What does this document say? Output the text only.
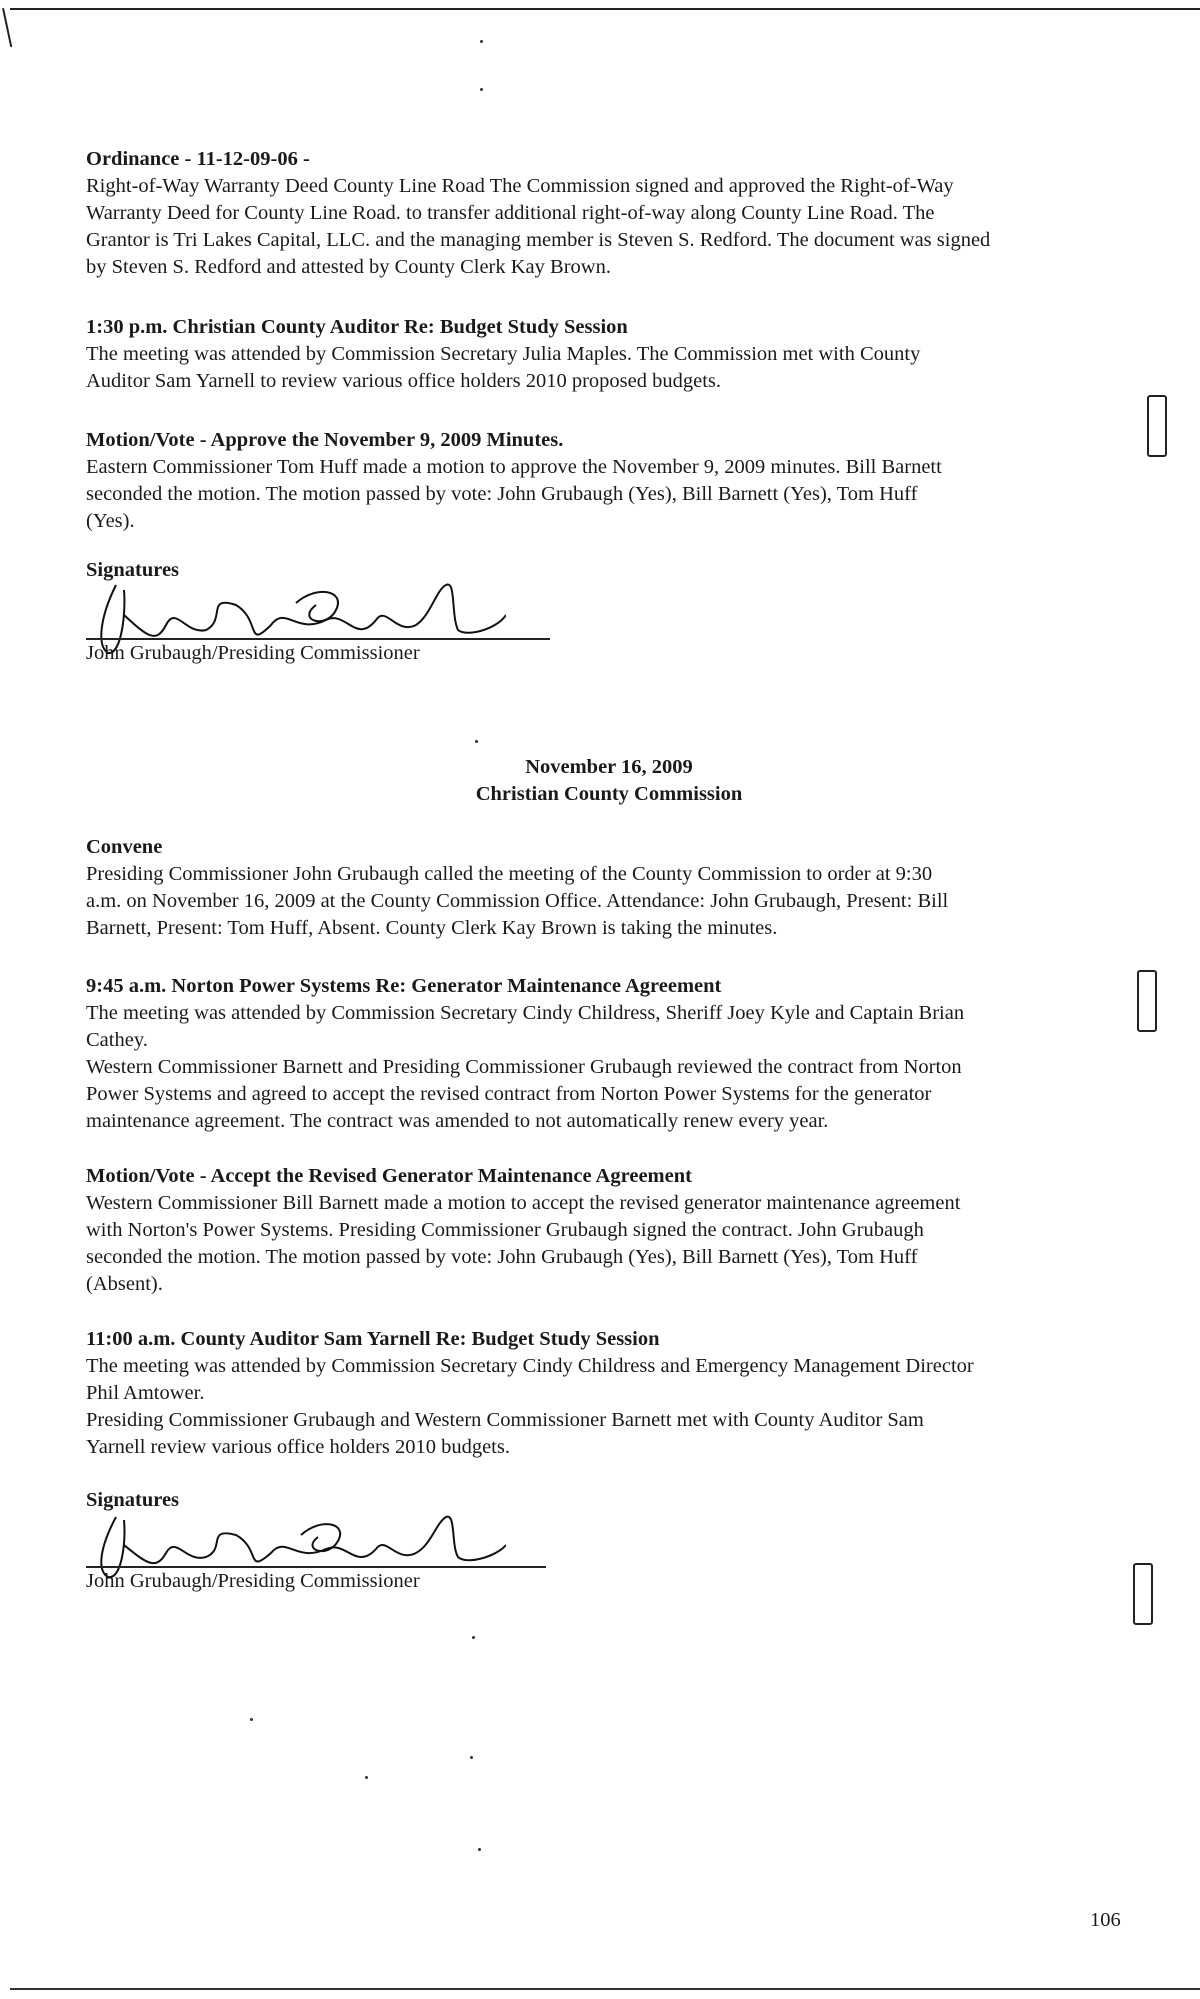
Ordinance - 11-12-09-06 -
Right-of-Way Warranty Deed County Line Road The Commission signed and approved the Right-of-Way
Warranty Deed for County Line Road. to transfer additional right-of-way along County Line Road. The
Grantor is Tri Lakes Capital, LLC. and the managing member is Steven S. Redford. The document was signed
by Steven S. Redford and attested by County Clerk Kay Brown.
1:30 p.m. Christian County Auditor Re: Budget Study Session
The meeting was attended by Commission Secretary Julia Maples. The Commission met with County
Auditor Sam Yarnell to review various office holders 2010 proposed budgets.
Motion/Vote - Approve the November 9, 2009 Minutes.
Eastern Commissioner Tom Huff made a motion to approve the November 9, 2009 minutes. Bill Barnett
seconded the motion. The motion passed by vote: John Grubaugh (Yes), Bill Barnett (Yes), Tom Huff
(Yes).
Signatures
John Grubaugh/Presiding Commissioner
November 16, 2009
Christian County Commission
Convene
Presiding Commissioner John Grubaugh called the meeting of the County Commission to order at 9:30
a.m. on November 16, 2009 at the County Commission Office. Attendance: John Grubaugh, Present: Bill
Barnett, Present: Tom Huff, Absent. County Clerk Kay Brown is taking the minutes.
9:45 a.m. Norton Power Systems Re: Generator Maintenance Agreement
The meeting was attended by Commission Secretary Cindy Childress, Sheriff Joey Kyle and Captain Brian
Cathey.
Western Commissioner Barnett and Presiding Commissioner Grubaugh reviewed the contract from Norton
Power Systems and agreed to accept the revised contract from Norton Power Systems for the generator
maintenance agreement. The contract was amended to not automatically renew every year.
Motion/Vote - Accept the Revised Generator Maintenance Agreement
Western Commissioner Bill Barnett made a motion to accept the revised generator maintenance agreement
with Norton's Power Systems. Presiding Commissioner Grubaugh signed the contract. John Grubaugh
seconded the motion. The motion passed by vote: John Grubaugh (Yes), Bill Barnett (Yes), Tom Huff
(Absent).
11:00 a.m. County Auditor Sam Yarnell Re: Budget Study Session
The meeting was attended by Commission Secretary Cindy Childress and Emergency Management Director
Phil Amtower.
Presiding Commissioner Grubaugh and Western Commissioner Barnett met with County Auditor Sam
Yarnell review various office holders 2010 budgets.
Signatures
John Grubaugh/Presiding Commissioner
106
